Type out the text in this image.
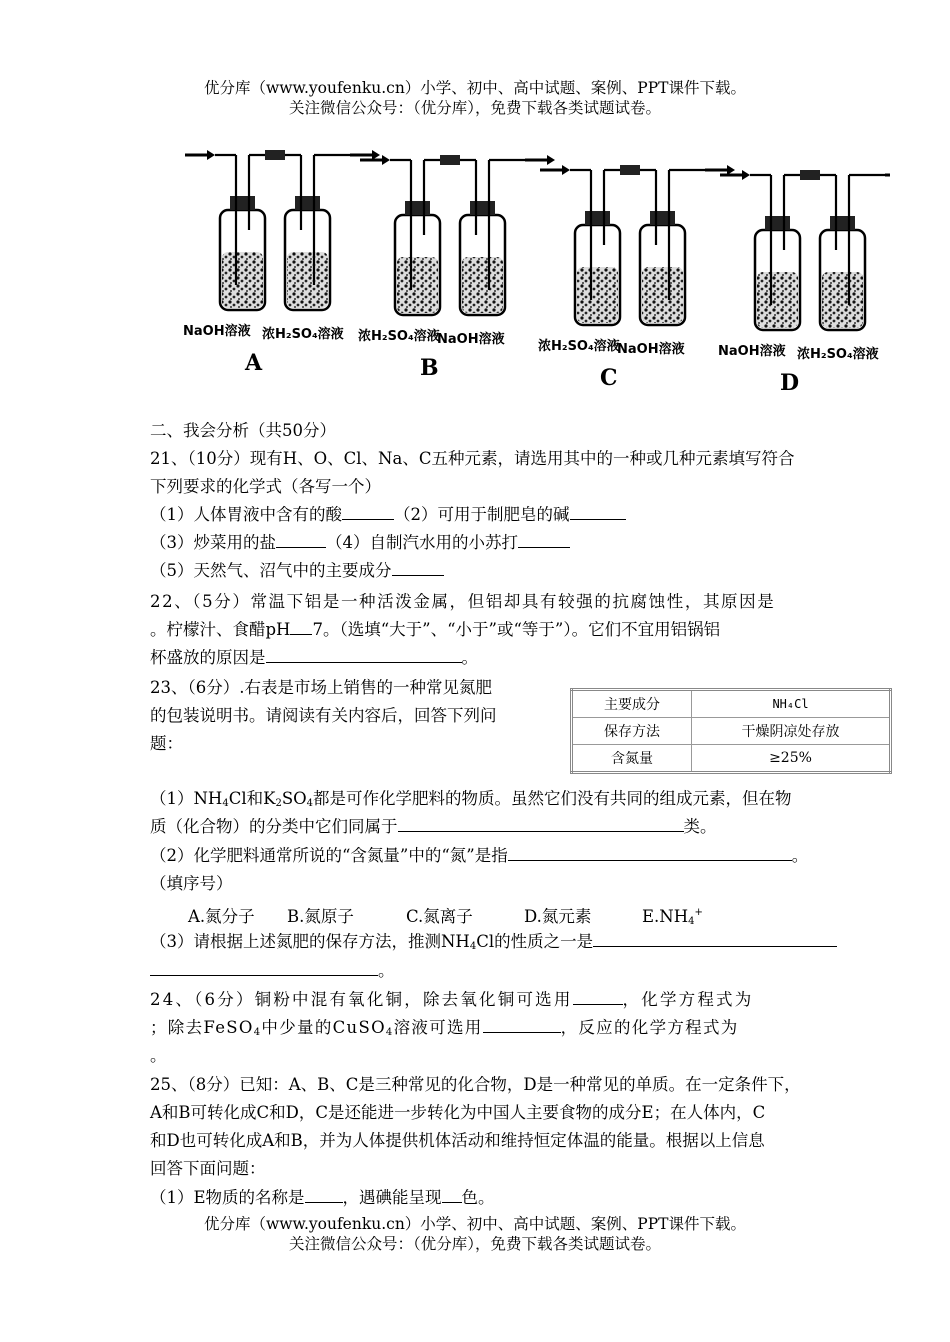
优分库（www.youfenku.cn）小学、初中、高中试题、案例、PPT课件下载。
关注微信公众号：（优分库），免费下载各类试题试卷。
NaOH溶液 浓H₂SO₄溶液
A
浓H₂SO₄溶液
NaOH溶液
B
浓H₂SO₄溶液
NaOH溶液
C
NaOH溶液 浓H₂SO₄溶液
D
二、我会分析（共50分）
21、（10分）现有H、O、Cl、Na、C五种元素，请选用其中的一种或几种元素填写符合
下列要求的化学式（各写一个）
（1）人体胃液中含有的酸	（2）可用于制肥皂的碱
（3）炒菜用的盐	（4）自制汽水用的小苏打
（5）天然气、沼气中的主要成分
22、（5分）常温下铝是一种活泼金属，但铝却具有较强的抗腐蚀性，其原因是
。柠檬汁、食醋pH 7。（选填“大于”、“小于”或“等于”）。它们不宜用铝锅铝
杯盛放的原因是	。
23、（6分）.右表是市场上销售的一种常见氮肥
的包装说明书。请阅读有关内容后，回答下列问
题：
主要成分	NH₄Cl
保存方法	干燥阴凉处存放
含氮量	≥25%
$(1)NH_4Cl$和$K_2SO_4$都是可作化学肥料的物质。虽然它们没有共同的组成元素，但在物
质（化合物）的分类中它们同属于	类。
（2）化学肥料通常所说的“含氮量”中的“氮”是指	。
（填序号）
A.氮分子 B.氮原子	C.氮离子	D.氮元素	$E.NH_4^+$
（3）请根据上述氮肥的保存方法，推测$NH_4Cl$的性质之一是
。
24、（6分）铜粉中混有氧化铜，除去氧化铜可选用	，化学方程式为
；除去FeSO$_4$中少量的CuSO$_4$溶液可选用	，反应的化学方程式为
。
25、（8分）已知：A、B、C是三种常见的化合物，D是一种常见的单质。在一定条件下，
A和B可转化成C和D，C是还能进一步转化为中国人主要食物的成分E；在人体内，C
和D也可转化成A和B，并为人体提供机体活动和维持恒定体温的能量。根据以上信息
回答下面问题：
（1）E物质的名称是 ，遇碘能呈现 色。
优分库（www.youfenku.cn）小学、初中、高中试题、案例、PPT课件下载。
关注微信公众号：（优分库），免费下载各类试题试卷。
